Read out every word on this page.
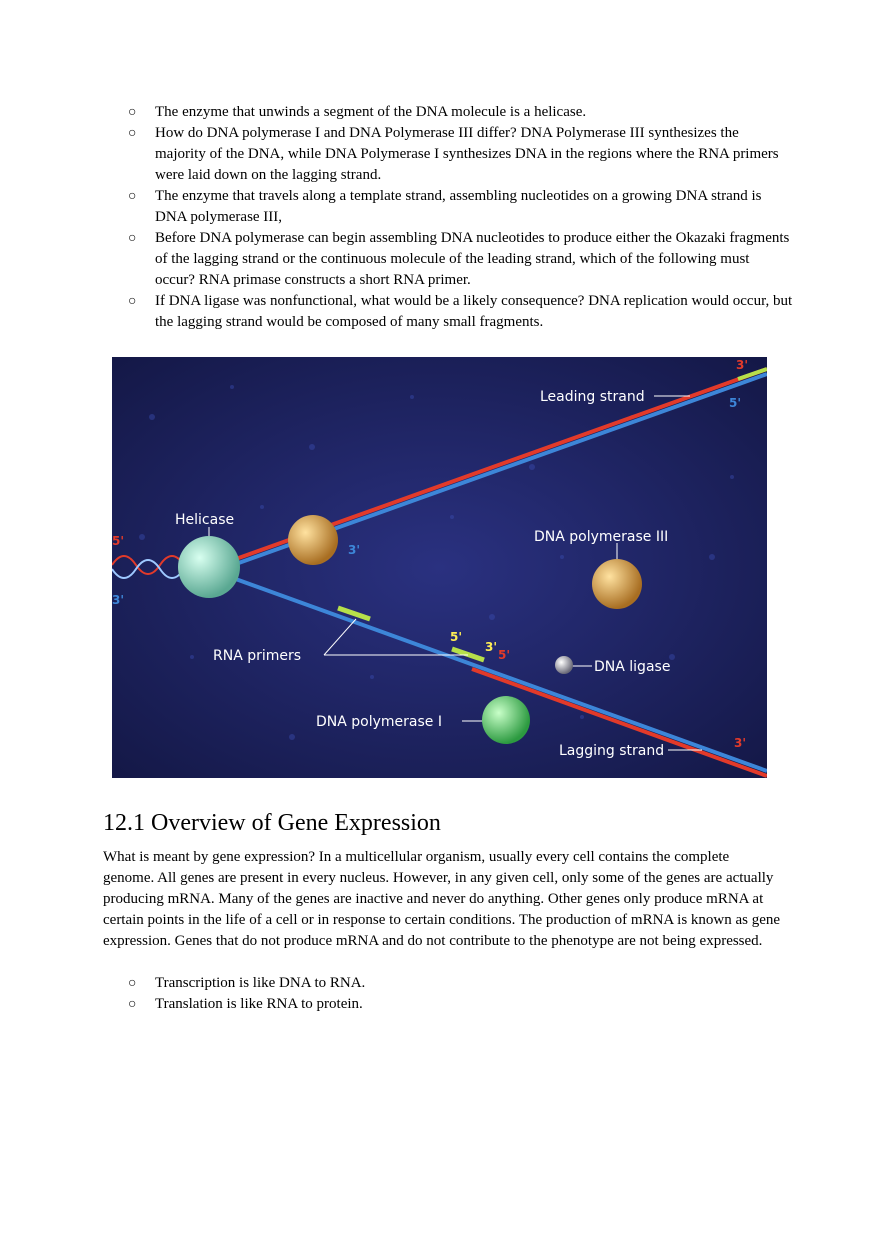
○ The enzyme that unwinds a segment of the DNA molecule is a helicase.
○ How do DNA polymerase I and DNA Polymerase III differ? DNA Polymerase III synthesizes the majority of the DNA, while DNA Polymerase I synthesizes DNA in the regions where the RNA primers were laid down on the lagging strand.
○ The enzyme that travels along a template strand, assembling nucleotides on a growing DNA strand is DNA polymerase III,
○ Before DNA polymerase can begin assembling DNA nucleotides to produce either the Okazaki fragments of the lagging strand or the continuous molecule of the leading strand, which of the following must occur? RNA primase constructs a short RNA primer.
○ If DNA ligase was nonfunctional, what would be a likely consequence? DNA replication would occur, but the lagging strand would be composed of many small fragments.
Leading strand
Helicase
DNA polymerase III
RNA primers
DNA ligase
DNA polymerase I
Lagging strand
3'
5'
5'
3'
3'
5'
3'
5'
3'
12.1 Overview of Gene Expression

What is meant by gene expression? In a multicellular organism, usually every cell contains the complete genome. All genes are present in every nucleus. However, in any given cell, only some of the genes are actually producing mRNA. Many of the genes are inactive and never do anything. Other genes only produce mRNA at certain points in the life of a cell or in response to certain conditions. The production of mRNA is known as gene expression. Genes that do not produce mRNA and do not contribute to the phenotype are not being expressed.

○ Transcription is like DNA to RNA.
○ Translation is like RNA to protein.
